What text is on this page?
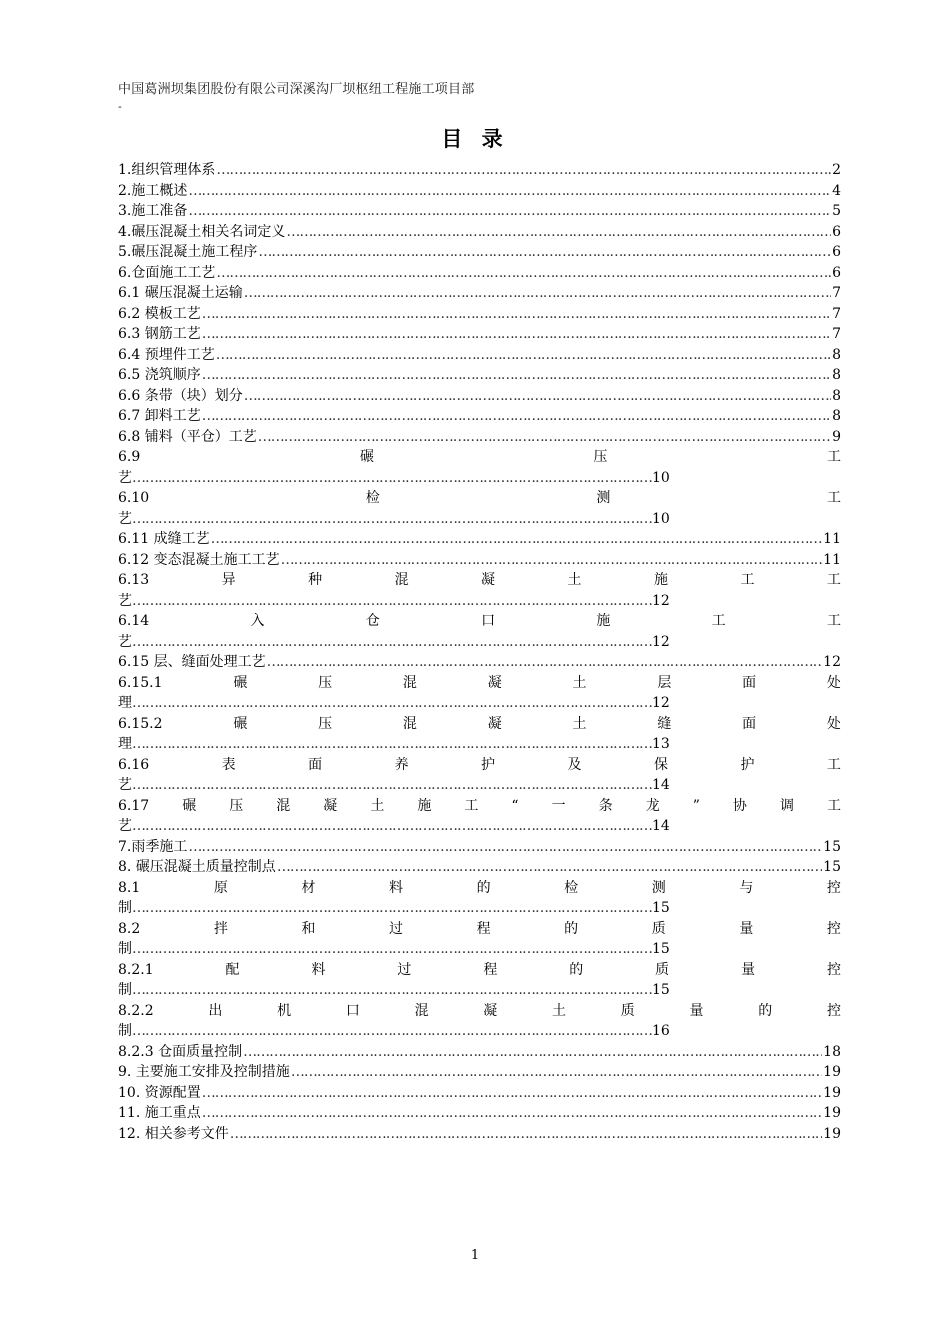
中国葛洲坝集团股份有限公司深溪沟厂坝枢纽工程施工项目部
-
目 录
1.组织管理体系 ……………………………………………………………………………………………………………………………………………………………………………………………………………………………	2
2.施工概述 ……………………………………………………………………………………………………………………………………………………………………………………………………………………………	4
3.施工准备 ……………………………………………………………………………………………………………………………………………………………………………………………………………………………	5
4.碾压混凝土相关名词定义 ……………………………………………………………………………………………………………………………………………………………………………………………………………………………	6
5.碾压混凝土施工程序 ……………………………………………………………………………………………………………………………………………………………………………………………………………………………	6
6.仓面施工工艺 ……………………………………………………………………………………………………………………………………………………………………………………………………………………………	6
6.1 碾压混凝土运输 ……………………………………………………………………………………………………………………………………………………………………………………………………………………………	7
6.2 模板工艺 ……………………………………………………………………………………………………………………………………………………………………………………………………………………………	7
6.3 钢筋工艺 ……………………………………………………………………………………………………………………………………………………………………………………………………………………………	7
6.4 预埋件工艺 ……………………………………………………………………………………………………………………………………………………………………………………………………………………………	8
6.5 浇筑顺序 ……………………………………………………………………………………………………………………………………………………………………………………………………………………………	8
6.6 条带（块）划分 ……………………………………………………………………………………………………………………………………………………………………………………………………………………………	8
6.7 卸料工艺 ……………………………………………………………………………………………………………………………………………………………………………………………………………………………	8
6.8 铺料（平仓）工艺 ……………………………………………………………………………………………………………………………………………………………………………………………………………………………	9
6.9	碾	压	工
艺 …………………………………………………………………………………………………………………………………………………………………………	10
6.10	检	测	工
艺 …………………………………………………………………………………………………………………………………………………………………………	10
6.11 成缝工艺 ……………………………………………………………………………………………………………………………………………………………………………………………………………………………	11
6.12 变态混凝土施工工艺 ……………………………………………………………………………………………………………………………………………………………………………………………………………………………	11
6.13	异	种	混	凝	土	施	工	工
艺 …………………………………………………………………………………………………………………………………………………………………………	12
6.14	入	仓	口	施	工	工
艺 …………………………………………………………………………………………………………………………………………………………………………	12
6.15 层、缝面处理工艺 ……………………………………………………………………………………………………………………………………………………………………………………………………………………………	12
6.15.1	碾	压	混	凝	土	层	面	处
理 …………………………………………………………………………………………………………………………………………………………………………	12
6.15.2	碾	压	混	凝	土	缝	面	处
理 …………………………………………………………………………………………………………………………………………………………………………	13
6.16	表	面	养	护	及	保	护	工
艺 …………………………………………………………………………………………………………………………………………………………………………	14
6.17 碾 压 混 凝 土 施 工 “ 一 条 龙 ” 协 调 工
艺 …………………………………………………………………………………………………………………………………………………………………………	14
7.雨季施工 ……………………………………………………………………………………………………………………………………………………………………………………………………………………………	15
8. 碾压混凝土质量控制点 ……………………………………………………………………………………………………………………………………………………………………………………………………………………………	15
8.1	原	材	料	的	检	测	与	控
制 …………………………………………………………………………………………………………………………………………………………………………	15
8.2	拌	和	过	程	的	质	量	控
制 …………………………………………………………………………………………………………………………………………………………………………	15
8.2.1	配	料	过	程	的	质	量	控
制 …………………………………………………………………………………………………………………………………………………………………………	15
8.2.2	出	机	口	混	凝	土	质	量	的	控
制 …………………………………………………………………………………………………………………………………………………………………………	16
8.2.3 仓面质量控制 ……………………………………………………………………………………………………………………………………………………………………………………………………………………………	18
9. 主要施工安排及控制措施 ……………………………………………………………………………………………………………………………………………………………………………………………………………………………	19
10. 资源配置 ……………………………………………………………………………………………………………………………………………………………………………………………………………………………	19
11. 施工重点 ……………………………………………………………………………………………………………………………………………………………………………………………………………………………	19
12. 相关参考文件 ……………………………………………………………………………………………………………………………………………………………………………………………………………………………	19
1
